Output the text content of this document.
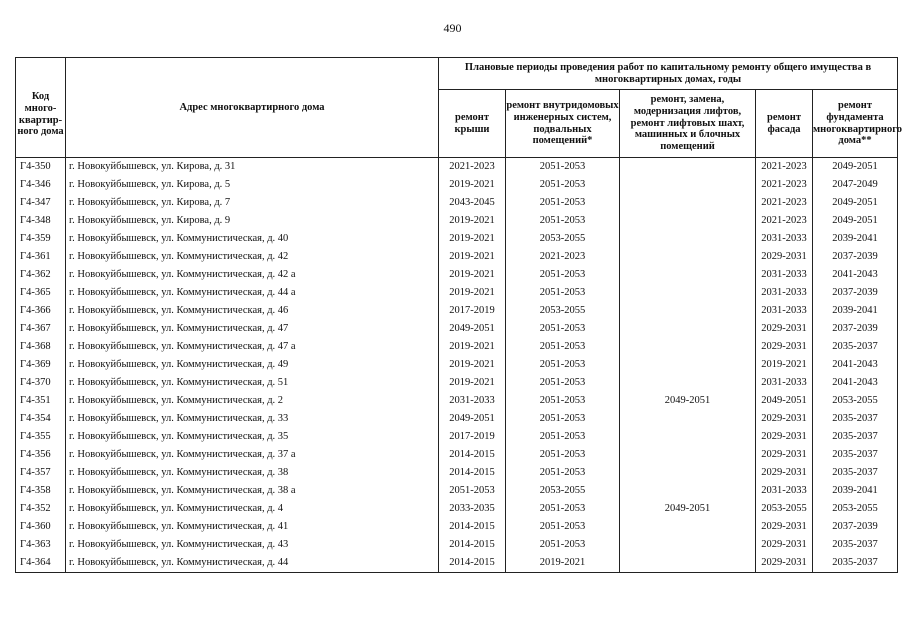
490
Код много-квартир-ного дома	Адрес многоквартирного дома	Плановые периоды проведения работ по капитальному ремонту общего имущества в многоквартирных домах, годы				
		ремонт крыши	ремонт внутридомовых инженерных систем, подвальных помещений*	ремонт, замена, модернизация лифтов, ремонт лифтовых шахт, машинных и блочных помещений	ремонт фасада	ремонт фундамента многоквартирного дома**
Г4-350	г. Новокуйбышевск, ул. Кирова, д. 31	2021-2023	2051-2053		2021-2023	2049-2051
Г4-346	г. Новокуйбышевск, ул. Кирова, д. 5	2019-2021	2051-2053		2021-2023	2047-2049
Г4-347	г. Новокуйбышевск, ул. Кирова, д. 7	2043-2045	2051-2053		2021-2023	2049-2051
Г4-348	г. Новокуйбышевск, ул. Кирова, д. 9	2019-2021	2051-2053		2021-2023	2049-2051
Г4-359	г. Новокуйбышевск, ул. Коммунистическая, д. 40	2019-2021	2053-2055		2031-2033	2039-2041
Г4-361	г. Новокуйбышевск, ул. Коммунистическая, д. 42	2019-2021	2021-2023		2029-2031	2037-2039
Г4-362	г. Новокуйбышевск, ул. Коммунистическая, д. 42 а	2019-2021	2051-2053		2031-2033	2041-2043
Г4-365	г. Новокуйбышевск, ул. Коммунистическая, д. 44 а	2019-2021	2051-2053		2031-2033	2037-2039
Г4-366	г. Новокуйбышевск, ул. Коммунистическая, д. 46	2017-2019	2053-2055		2031-2033	2039-2041
Г4-367	г. Новокуйбышевск, ул. Коммунистическая, д. 47	2049-2051	2051-2053		2029-2031	2037-2039
Г4-368	г. Новокуйбышевск, ул. Коммунистическая, д. 47 а	2019-2021	2051-2053		2029-2031	2035-2037
Г4-369	г. Новокуйбышевск, ул. Коммунистическая, д. 49	2019-2021	2051-2053		2019-2021	2041-2043
Г4-370	г. Новокуйбышевск, ул. Коммунистическая, д. 51	2019-2021	2051-2053		2031-2033	2041-2043
Г4-351	г. Новокуйбышевск, ул. Коммунистическая, д. 2	2031-2033	2051-2053	2049-2051	2049-2051	2053-2055
Г4-354	г. Новокуйбышевск, ул. Коммунистическая, д. 33	2049-2051	2051-2053		2029-2031	2035-2037
Г4-355	г. Новокуйбышевск, ул. Коммунистическая, д. 35	2017-2019	2051-2053		2029-2031	2035-2037
Г4-356	г. Новокуйбышевск, ул. Коммунистическая, д. 37 а	2014-2015	2051-2053		2029-2031	2035-2037
Г4-357	г. Новокуйбышевск, ул. Коммунистическая, д. 38	2014-2015	2051-2053		2029-2031	2035-2037
Г4-358	г. Новокуйбышевск, ул. Коммунистическая, д. 38 а	2051-2053	2053-2055		2031-2033	2039-2041
Г4-352	г. Новокуйбышевск, ул. Коммунистическая, д. 4	2033-2035	2051-2053	2049-2051	2053-2055	2053-2055
Г4-360	г. Новокуйбышевск, ул. Коммунистическая, д. 41	2014-2015	2051-2053		2029-2031	2037-2039
Г4-363	г. Новокуйбышевск, ул. Коммунистическая, д. 43	2014-2015	2051-2053		2029-2031	2035-2037
Г4-364	г. Новокуйбышевск, ул. Коммунистическая, д. 44	2014-2015	2019-2021		2029-2031	2035-2037
